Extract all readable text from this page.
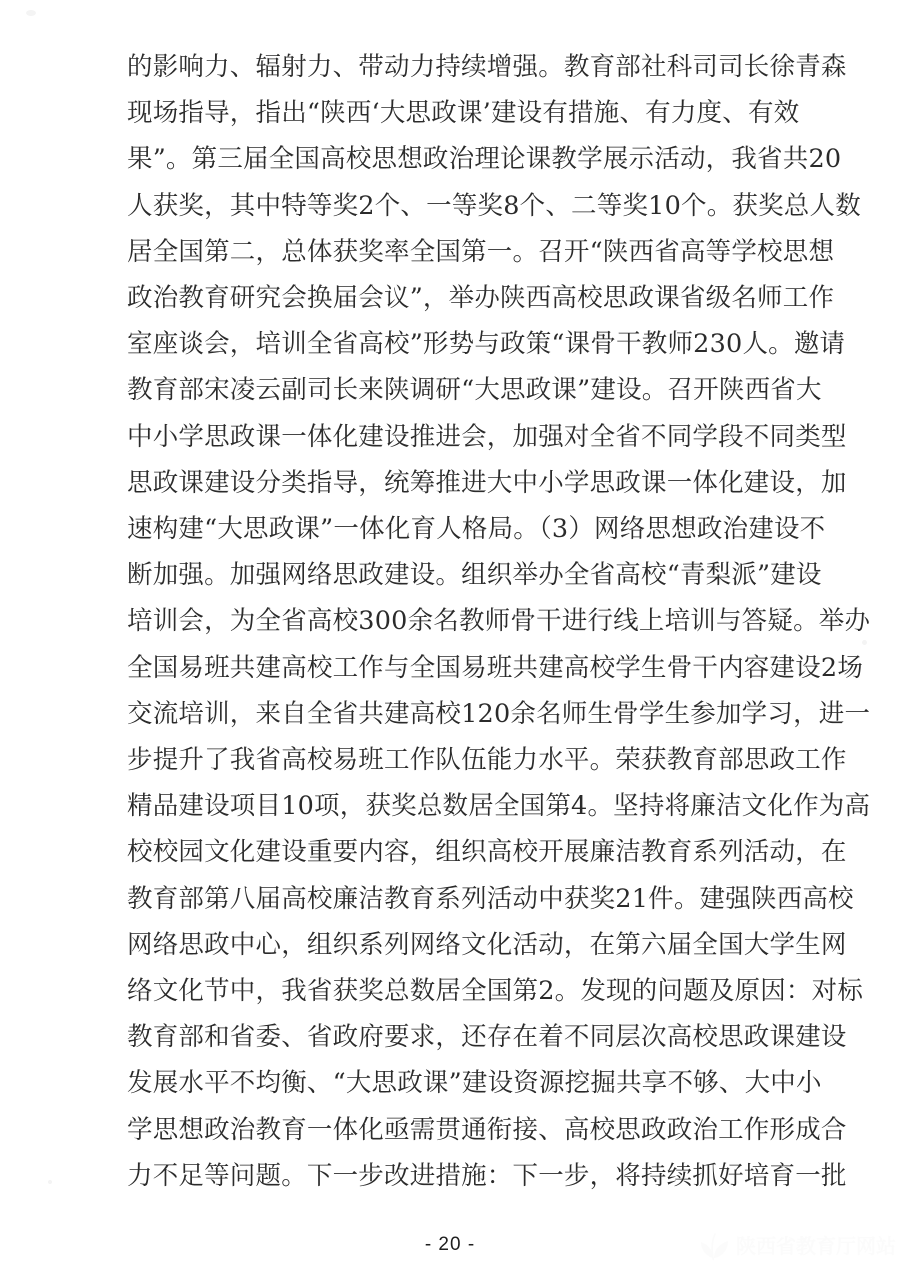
的影响力、辐射力、带动力持续增强。教育部社科司司长徐青森
现场指导，指出“陕西‘大思政课’建设有措施、有力度、有效
果”。第三届全国高校思想政治理论课教学展示活动，我省共20
人获奖，其中特等奖2个、一等奖8个、二等奖10个。获奖总人数
居全国第二，总体获奖率全国第一。召开“陕西省高等学校思想
政治教育研究会换届会议”，举办陕西高校思政课省级名师工作
室座谈会，培训全省高校”形势与政策“课骨干教师230人。邀请
教育部宋凌云副司长来陕调研“大思政课”建设。召开陕西省大
中小学思政课一体化建设推进会，加强对全省不同学段不同类型
思政课建设分类指导，统筹推进大中小学思政课一体化建设，加
速构建“大思政课”一体化育人格局。（3）网络思想政治建设不
断加强。加强网络思政建设。组织举办全省高校“青梨派”建设
培训会，为全省高校300余名教师骨干进行线上培训与答疑。举办
全国易班共建高校工作与全国易班共建高校学生骨干内容建设2场
交流培训，来自全省共建高校120余名师生骨学生参加学习，进一
步提升了我省高校易班工作队伍能力水平。荣获教育部思政工作
精品建设项目10项，获奖总数居全国第4。坚持将廉洁文化作为高
校校园文化建设重要内容，组织高校开展廉洁教育系列活动，在
教育部第八届高校廉洁教育系列活动中获奖21件。建强陕西高校
网络思政中心，组织系列网络文化活动，在第六届全国大学生网
络文化节中，我省获奖总数居全国第2。发现的问题及原因：对标
教育部和省委、省政府要求，还存在着不同层次高校思政课建设
发展水平不均衡、“大思政课”建设资源挖掘共享不够、大中小
学思想政治教育一体化亟需贯通衔接、高校思政政治工作形成合
力不足等问题。下一步改进措施：下一步，将持续抓好培育一批
- 20 -	陕西省教育厅网站
